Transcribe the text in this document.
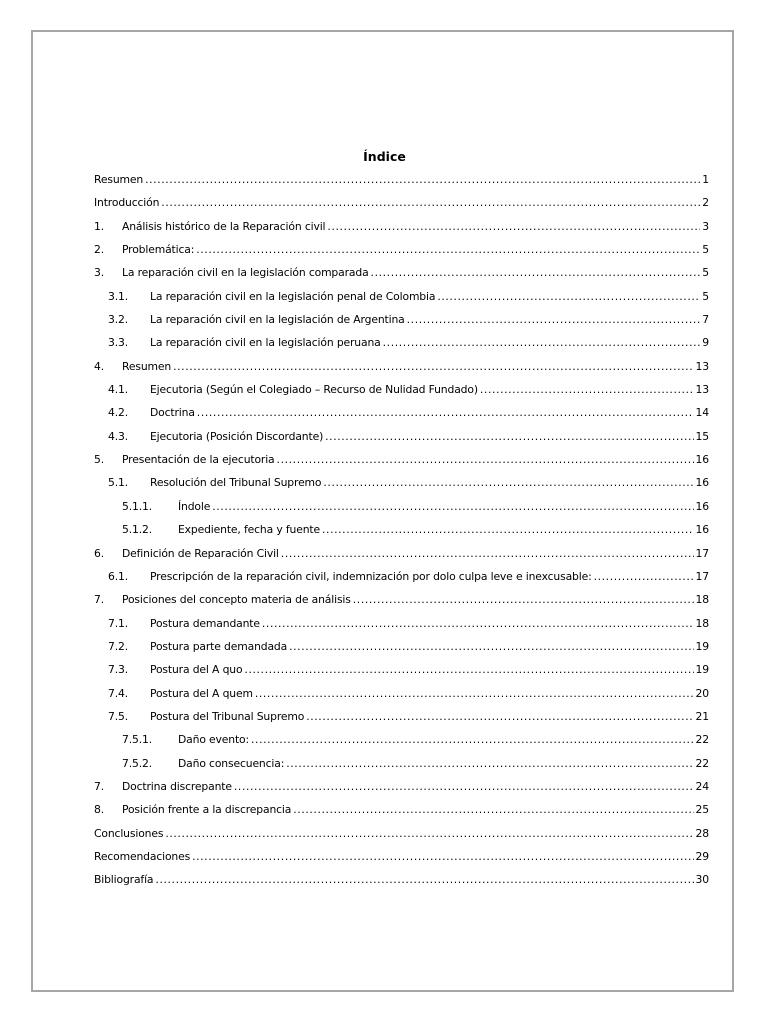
Índice
Resumen .....	1
Introducción .....	2
1.	Análisis histórico de la Reparación civil .....	3
2.	Problemática: .....	5
3.	La reparación civil en la legislación comparada .....	5
3.1.	La reparación civil en la legislación penal de Colombia .....	5
3.2.	La reparación civil en la legislación de Argentina .....	7
3.3.	La reparación civil en la legislación peruana .....	9
4.	Resumen .....	13
4.1.	Ejecutoria (Según el Colegiado – Recurso de Nulidad Fundado) .....	13
4.2.	Doctrina .....	14
4.3.	Ejecutoria (Posición Discordante) .....	15
5.	Presentación de la ejecutoria .....	16
5.1.	Resolución del Tribunal Supremo .....	16
5.1.1.	Índole .....	16
5.1.2.	Expediente, fecha y fuente .....	16
6.	Definición de Reparación Civil .....	17
6.1.	Prescripción de la reparación civil, indemnización por dolo culpa leve e inexcusable: .....	17
7.	Posiciones del concepto materia de análisis .....	18
7.1.	Postura demandante .....	18
7.2.	Postura parte demandada .....	19
7.3.	Postura del A quo .....	19
7.4.	Postura del A quem .....	20
7.5.	Postura del Tribunal Supremo .....	21
7.5.1.	Daño evento: .....	22
7.5.2.	Daño consecuencia: .....	22
7.	Doctrina discrepante .....	24
8.	Posición frente a la discrepancia .....	25
Conclusiones .....	28
Recomendaciones .....	29
Bibliografía .....	30
